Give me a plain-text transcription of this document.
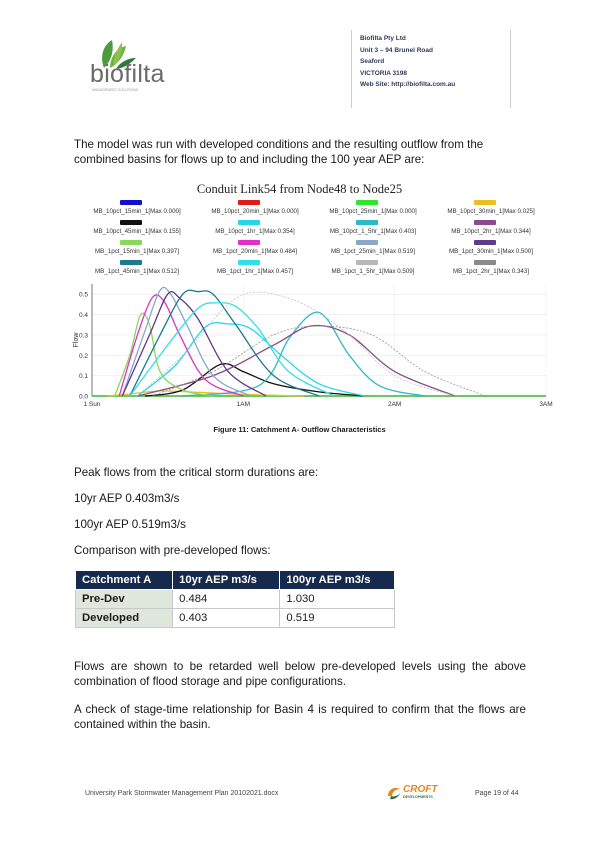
biofilta
MANAGEMENT SOLUTIONS
Biofilta Pty Ltd
Unit 3 – 94 Brunel Road
Seaford
VICTORIA 3198
Web Site: http://biofilta.com.au

The model was run with developed conditions and the resulting outflow from the combined basins for flows up to and including the 100 year AEP are:

Conduit Link54 from Node48 to Node25
MB_10pct_15min_1[Max 0.000]	MB_10pct_20min_1[Max 0.000]	MB_10pct_25min_1[Max 0.000]	MB_10pct_30min_1[Max 0.025]
MB_10pct_45min_1[Max 0.155]	MB_10pct_1hr_1[Max 0.354]	MB_10pct_1_5hr_1[Max 0.403]	MB_10pct_2hr_1[Max 0.344]
MB_1pct_15min_1[Max 0.397]	MB_1pct_20min_1[Max 0.484]	MB_1pct_25min_1[Max 0.519]	MB_1pct_30min_1[Max 0.500]
MB_1pct_45min_1[Max 0.512]	MB_1pct_1hr_1[Max 0.457]	MB_1pct_1_5hr_1[Max 0.509]	MB_1pct_2hr_1[Max 0.343]
0.0
0.1
0.2
0.3
0.4
0.5
1 Sun	1AM	2AM	3AM
Flow
Figure 11: Catchment A- Outflow Characteristics

Peak flows from the critical storm durations are:

10yr AEP 0.403m3/s

100yr AEP 0.519m3/s

Comparison with pre-developed flows:

Catchment A	10yr AEP m3/s	100yr AEP m3/s
Pre-Dev	0.484	1.030
Developed	0.403	0.519

Flows are shown to be retarded well below pre-developed levels using the above combination of flood storage and pipe configurations.

A check of stage-time relationship for Basin 4 is required to confirm that the flows are contained within the basin.

University Park Stormwater Management Plan 20102021.docx	CROFT
DEVELOPMENTS	Page 19 of 44
